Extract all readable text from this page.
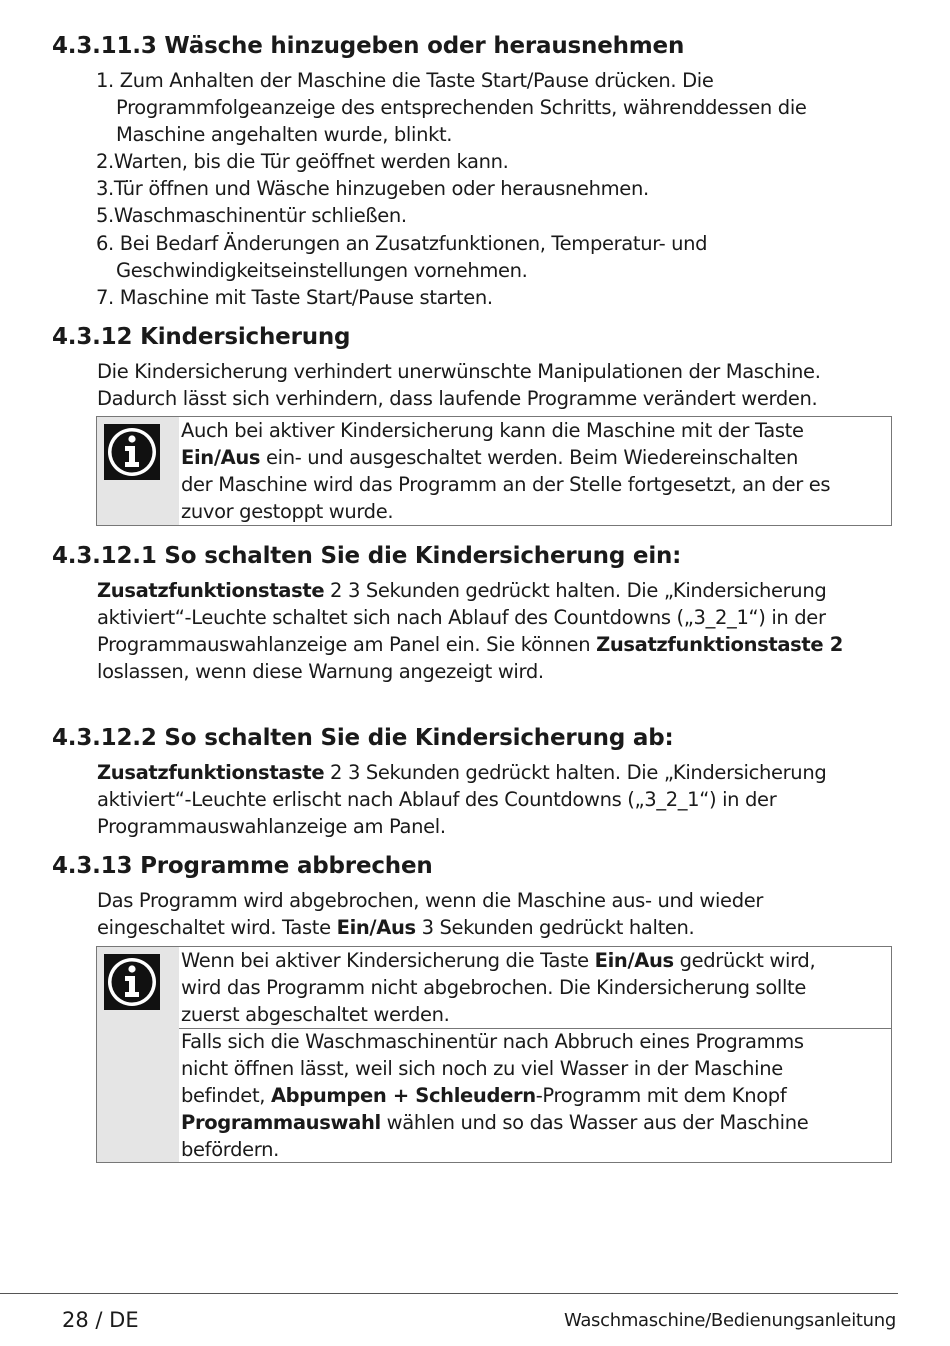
4.3.11.3 Wäsche hinzugeben oder herausnehmen

1. Zum Anhalten der Maschine die Taste Start/Pause drücken. Die

Programmfolgeanzeige des entsprechenden Schritts, währenddessen die

Maschine angehalten wurde, blinkt.

2.Warten, bis die Tür geöffnet werden kann.

3.Tür öffnen und Wäsche hinzugeben oder herausnehmen.

5.Waschmaschinentür schließen.

6. Bei Bedarf Änderungen an Zusatzfunktionen, Temperatur- und

Geschwindigkeitseinstellungen vornehmen.

7. Maschine mit Taste Start/Pause starten.

4.3.12 Kindersicherung

Die Kindersicherung verhindert unerwünschte Manipulationen der Maschine.

Dadurch lässt sich verhindern, dass laufende Programme verändert werden.

Auch bei aktiver Kindersicherung kann die Maschine mit der Taste

Ein/Aus ein- und ausgeschaltet werden. Beim Wiedereinschalten

der Maschine wird das Programm an der Stelle fortgesetzt, an der es

zuvor gestoppt wurde.

4.3.12.1 So schalten Sie die Kindersicherung ein:

Zusatzfunktionstaste 2 3 Sekunden gedrückt halten. Die „Kindersicherung

aktiviert“-Leuchte schaltet sich nach Ablauf des Countdowns („3_2_1“) in der

Programmauswahlanzeige am Panel ein. Sie können Zusatzfunktionstaste 2

loslassen, wenn diese Warnung angezeigt wird.

4.3.12.2 So schalten Sie die Kindersicherung ab:

Zusatzfunktionstaste 2 3 Sekunden gedrückt halten. Die „Kindersicherung

aktiviert“-Leuchte erlischt nach Ablauf des Countdowns („3_2_1“) in der

Programmauswahlanzeige am Panel.

4.3.13 Programme abbrechen

Das Programm wird abgebrochen, wenn die Maschine aus- und wieder

eingeschaltet wird. Taste Ein/Aus 3 Sekunden gedrückt halten.

Wenn bei aktiver Kindersicherung die Taste Ein/Aus gedrückt wird,

wird das Programm nicht abgebrochen. Die Kindersicherung sollte

zuerst abgeschaltet werden.

Falls sich die Waschmaschinentür nach Abbruch eines Programms

nicht öffnen lässt, weil sich noch zu viel Wasser in der Maschine

befindet, Abpumpen + Schleudern-Programm mit dem Knopf

Programmauswahl wählen und so das Wasser aus der Maschine

befördern.

28 / DE	Waschmaschine/Bedienungsanleitung
